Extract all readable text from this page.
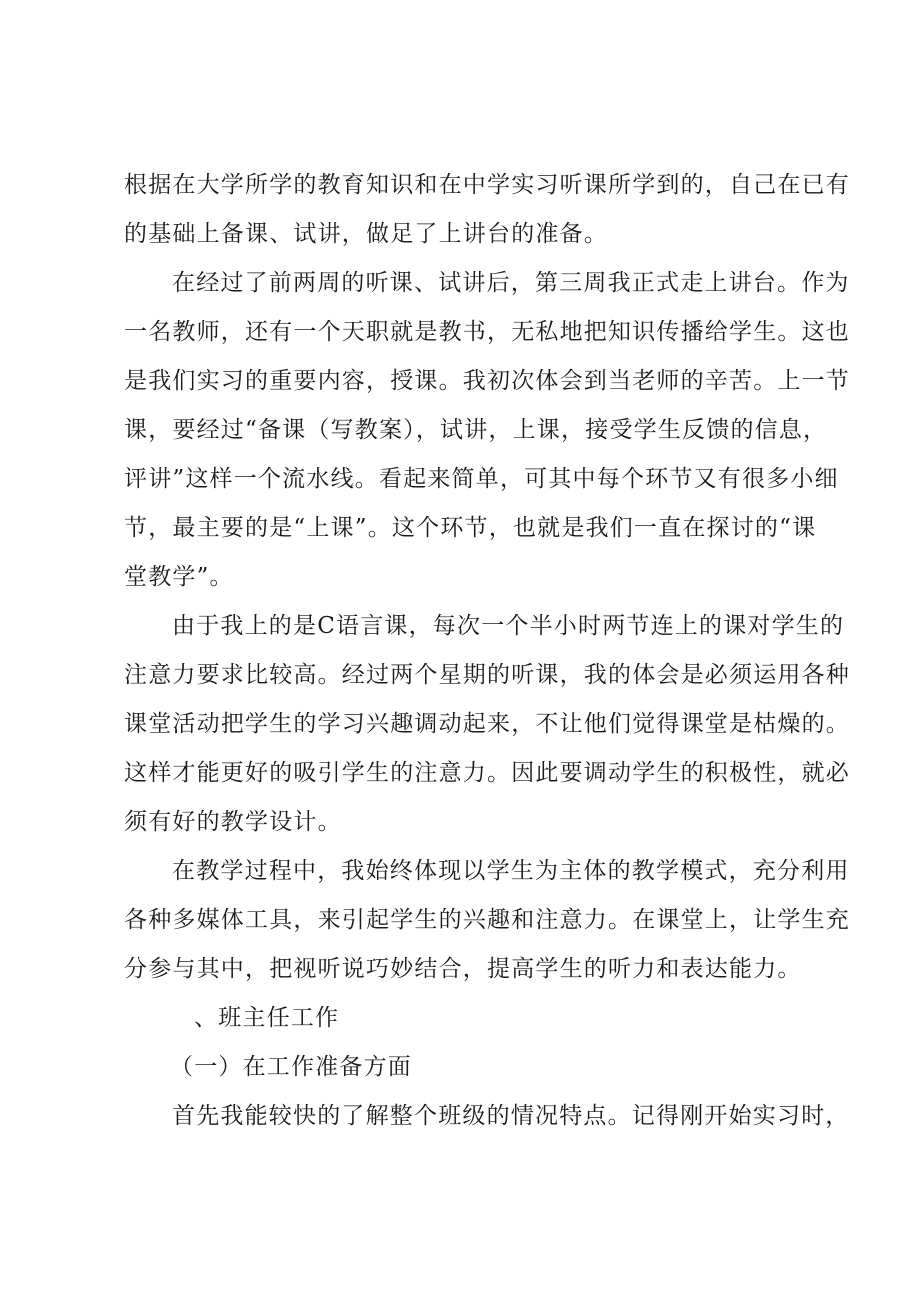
根据在大学所学的教育知识和在中学实习听课所学到的，自己在已有
的基础上备课、试讲，做足了上讲台的准备。
在经过了前两周的听课、试讲后，第三周我正式走上讲台。作为
一名教师，还有一个天职就是教书，无私地把知识传播给学生。这也
是我们实习的重要内容，授课。我初次体会到当老师的辛苦。上一节
课，要经过“备课（写教案），试讲，上课，接受学生反馈的信息，
评讲”这样一个流水线。看起来简单，可其中每个环节又有很多小细
节，最主要的是“上课”。这个环节，也就是我们一直在探讨的“课
堂教学”。
由于我上的是C语言课，每次一个半小时两节连上的课对学生的
注意力要求比较高。经过两个星期的听课，我的体会是必须运用各种
课堂活动把学生的学习兴趣调动起来，不让他们觉得课堂是枯燥的。
这样才能更好的吸引学生的注意力。因此要调动学生的积极性，就必
须有好的教学设计。
在教学过程中，我始终体现以学生为主体的教学模式，充分利用
各种多媒体工具，来引起学生的兴趣和注意力。在课堂上，让学生充
分参与其中，把视听说巧妙结合，提高学生的听力和表达能力。
、班主任工作
（一）在工作准备方面
首先我能较快的了解整个班级的情况特点。记得刚开始实习时，
